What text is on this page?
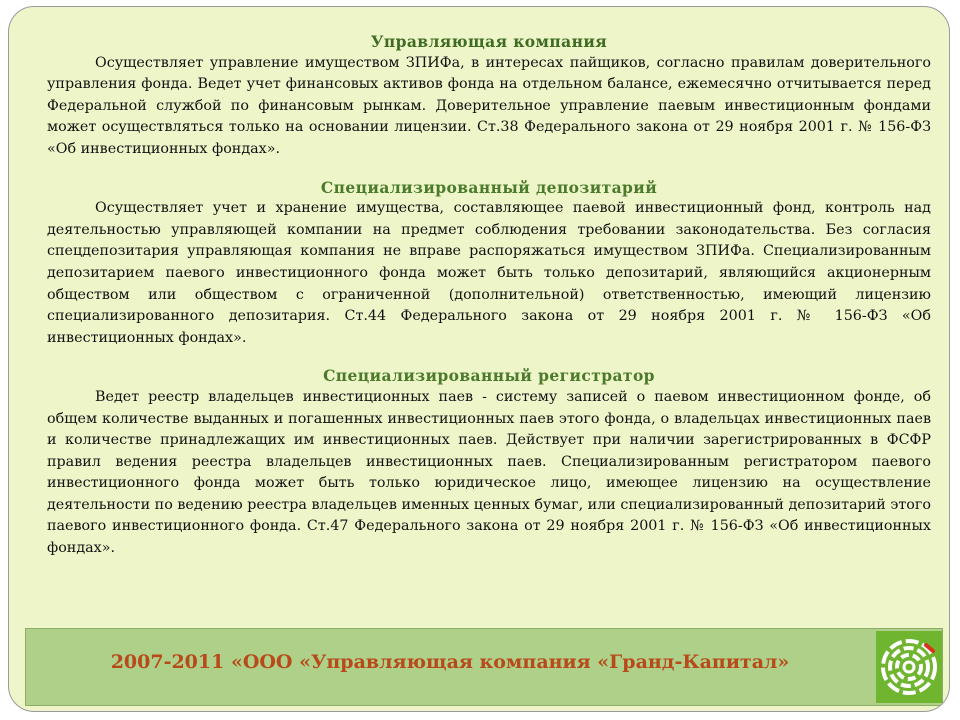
Управляющая компания

Осуществляет управление имуществом ЗПИФа, в интересах пайщиков, согласно правилам доверительного управления фонда. Ведет учет финансовых активов фонда на отдельном балансе, ежемесячно отчитывается перед Федеральной службой по финансовым рынкам. Доверительное управление паевым инвестиционным фондами может осуществляться только на основании лицензии. Ст.38 Федерального закона от 29 ноября 2001 г. № 156-ФЗ «Об инвестиционных фондах».

Специализированный депозитарий

Осуществляет учет и хранение имущества, составляющее паевой инвестиционный фонд, контроль над деятельностью управляющей компании на предмет соблюдения требовании законодательства. Без согласия спецдепозитария управляющая компания не вправе распоряжаться имуществом ЗПИФа. Специализированным депозитарием паевого инвестиционного фонда может быть только депозитарий, являющийся акционерным обществом или обществом с ограниченной (дополнительной) ответственностью, имеющий лицензию специализированного депозитария. Ст.44 Федерального закона от 29 ноября 2001 г. № 156-ФЗ «Об инвестиционных фондах».

Специализированный регистратор

Ведет реестр владельцев инвестиционных паев - систему записей о паевом инвестиционном фонде, об общем количестве выданных и погашенных инвестиционных паев этого фонда, о владельцах инвестиционных паев и количестве принадлежащих им инвестиционных паев. Действует при наличии зарегистрированных в ФСФР правил ведения реестра владельцев инвестиционных паев. Специализированным регистратором паевого инвестиционного фонда может быть только юридическое лицо, имеющее лицензию на осуществление деятельности по ведению реестра владельцев именных ценных бумаг, или специализированный депозитарий этого паевого инвестиционного фонда. Ст.47 Федерального закона от 29 ноября 2001 г. № 156-ФЗ «Об инвестиционных фондах».

2007-2011 «ООО «Управляющая компания «Гранд-Капитал»
